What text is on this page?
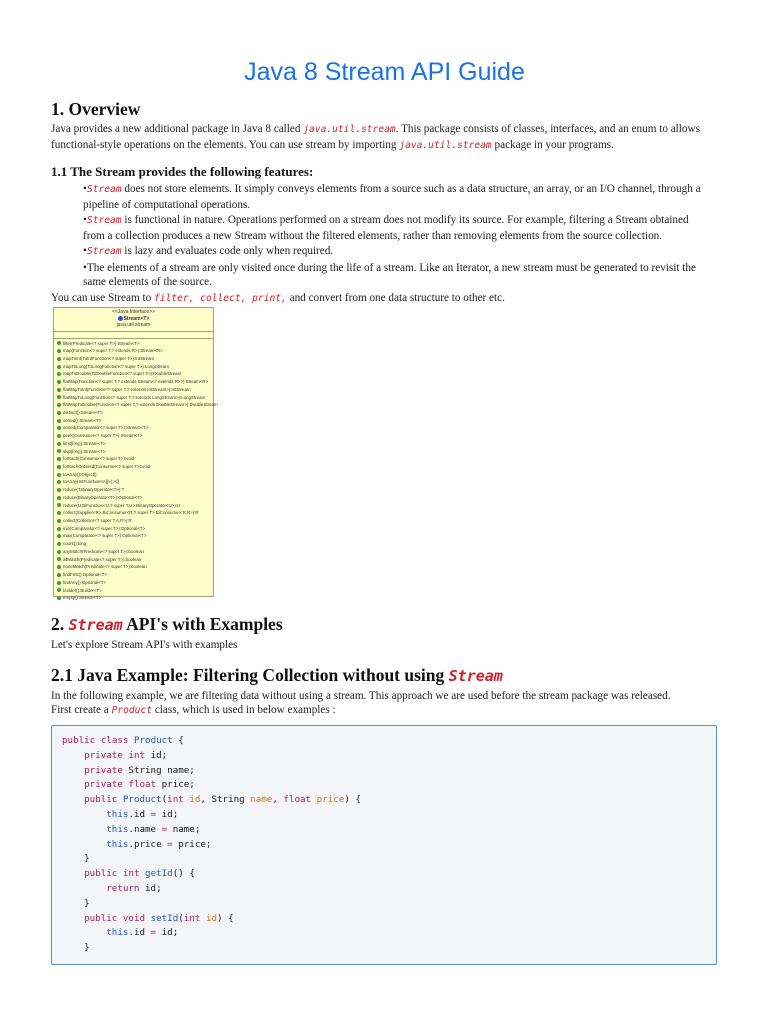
Java 8 Stream API Guide
1. Overview

Java provides a new additional package in Java 8 called java.util.stream. This package consists of classes, interfaces, and an enum to allows functional-style operations on the elements. You can use stream by importing java.util.stream package in your programs.

1.1 The Stream provides the following features:
•Stream does not store elements. It simply conveys elements from a source such as a data structure, an array, or an I/O channel, through a pipeline of computational operations.
•Stream is functional in nature. Operations performed on a stream does not modify its source. For example, filtering a Stream obtained from a collection produces a new Stream without the filtered elements, rather than removing elements from the source collection.
•Stream is lazy and evaluates code only when required.
•The elements of a stream are only visited once during the life of a stream. Like an Iterator, a new stream must be generated to revisit the same elements of the source.

You can use Stream to filter, collect, print, and convert from one data structure to other etc.

<<Java Interface>>
Stream<T>
java.util.stream
filter(Predicate<? super T>):Stream<T>
map(Function<? super T,? extends R>):Stream<R>
mapToInt(ToIntFunction<? super T>):IntStream
mapToLong(ToLongFunction<? super T>):LongStream
mapToDouble(ToDoubleFunction<? super T>):DoubleStream
flatMap(Function<? super T,? extends Stream<? extends R>>):Stream<R>
flatMapToInt(Function<? super T,? extends IntStream>):IntStream
flatMapToLong(Function<? super T,? extends LongStream>):LongStream
flatMapToDouble(Function<? super T,? extends DoubleStream>):DoubleStream
distinct():Stream<T>
sorted():Stream<T>
sorted(Comparator<? super T>):Stream<T>
peek(Consumer<? super T>):Stream<T>
limit(long):Stream<T>
skip(long):Stream<T>
forEach(Consumer<? super T>):void
forEachOrdered(Consumer<? super T>):void
toArray():Object[]
toArray(IntFunction<A[]>):A[]
reduce(T,BinaryOperator<T>):T
reduce(BinaryOperator<T>):Optional<T>
reduce(U,BiFunction<U,? super T,U>,BinaryOperator<U>):U
collect(Supplier<R>,BiConsumer<R,? super T>,BiConsumer<R,R>):R
collect(Collector<? super T,A,R>):R
min(Comparator<? super T>):Optional<T>
max(Comparator<? super T>):Optional<T>
count():long
anyMatch(Predicate<? super T>):boolean
allMatch(Predicate<? super T>):boolean
noneMatch(Predicate<? super T>):boolean
findFirst():Optional<T>
findAny():Optional<T>
builder():Builder<T>
empty():Stream<T>
2. Stream API's with Examples

Let's explore Stream API's with examples

2.1 Java Example: Filtering Collection without using Stream

In the following example, we are filtering data without using a stream. This approach we are used before the stream package was released.

First create a Product class, which is used in below examples :

public class Product {
private int id;
private String name;
private float price;
public Product(int id, String name, float price) {
this.id = id;
this.name = name;
this.price = price;
}
public int getId() {
return id;
}
public void setId(int id) {
this.id = id;
}
